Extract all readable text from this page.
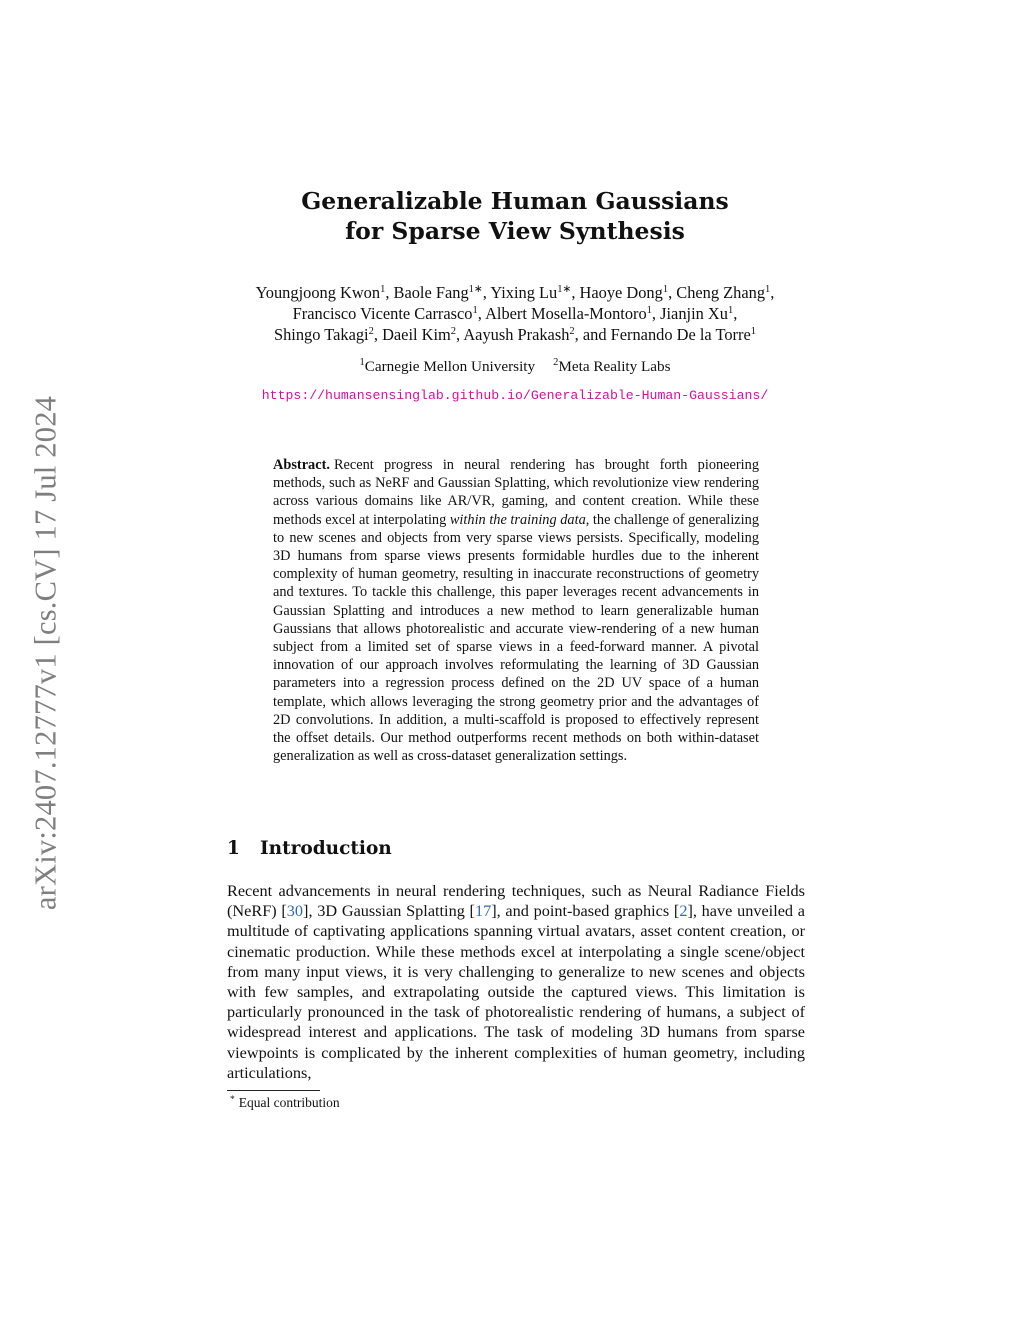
arXiv:2407.12777v1 [cs.CV] 17 Jul 2024
Generalizable Human Gaussians
for Sparse View Synthesis
Youngjoong Kwon$^1$, Baole Fang$^{1∗}$, Yixing $Lu^{1∗}$, Haoye Dong$^1$, Cheng Zhang$^1$,
Francisco Vicente Carrasco$^1$, Albert Mosella-Montoro$^1$, Jianjin Xu$^1$,
Shingo Takagi$^2$, Daeil Kim$^2$, Aayush Prakash$^2$, and Fernando De la Torre$^1$
$^1$Carnegie Mellon University $^2$Meta Reality Labs
https://humansensinglab.github.io/Generalizable-Human-Gaussians/
Abstract. Recent progress in neural rendering has brought forth pioneering methods, such as NeRF and Gaussian Splatting, which revolutionize view rendering across various domains like AR/VR, gaming, and content creation. While these methods excel at interpolating within the training data, the challenge of generalizing to new scenes and objects from very sparse views persists. Specifically, modeling 3D humans from sparse views presents formidable hurdles due to the inherent complexity of human geometry, resulting in inaccurate reconstructions of geometry and textures. To tackle this challenge, this paper leverages recent advancements in Gaussian Splatting and introduces a new method to learn generalizable human Gaussians that allows photorealistic and accurate view-rendering of a new human subject from a limited set of sparse views in a feed-forward manner. A pivotal innovation of our approach involves reformulating the learning of 3D Gaussian parameters into a regression process defined on the 2D UV space of a human template, which allows leveraging the strong geometry prior and the advantages of 2D convolutions. In addition, a multi-scaffold is proposed to effectively represent the offset details. Our method outperforms recent methods on both within-dataset generalization as well as cross-dataset generalization settings.
1 Introduction
Recent advancements in neural rendering techniques, such as Neural Radiance Fields (NeRF) [30], 3D Gaussian Splatting [17], and point-based graphics [2], have unveiled a multitude of captivating applications spanning virtual avatars, asset content creation, or cinematic production. While these methods excel at interpolating a single scene/object from many input views, it is very challenging to generalize to new scenes and objects with few samples, and extrapolating outside the captured views. This limitation is particularly pronounced in the task of photorealistic rendering of humans, a subject of widespread interest and applications. The task of modeling 3D humans from sparse viewpoints is complicated by the inherent complexities of human geometry, including articulations,
* Equal contribution
